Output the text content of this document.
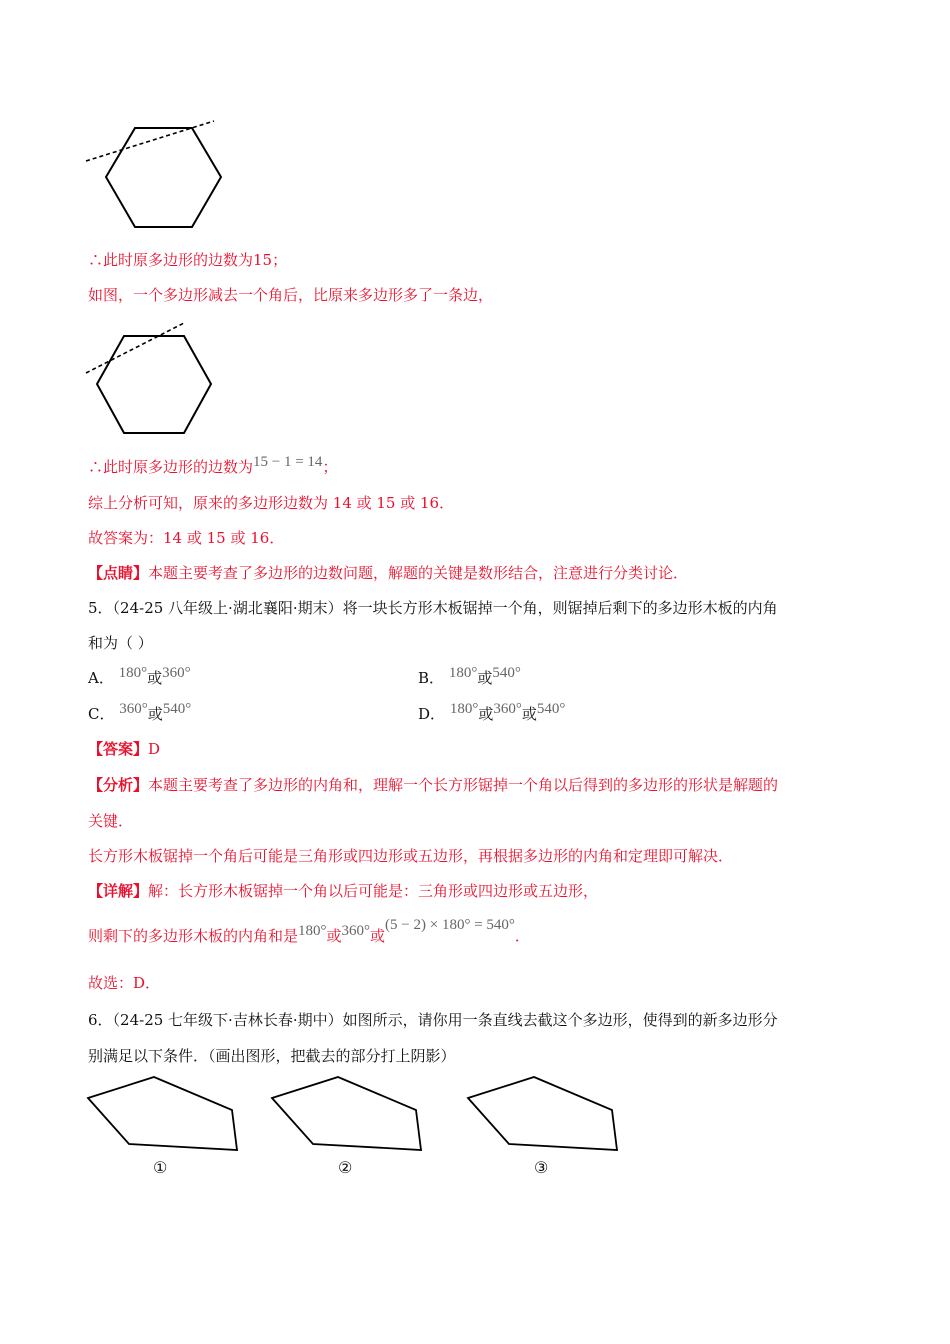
∴此时原多边形的边数为15；
如图，一个多边形减去一个角后，比原来多边形多了一条边，
∴此时原多边形的边数为15 − 1 = 14；
综上分析可知，原来的多边形边数为 14 或 15 或 16．
故答案为：14 或 15 或 16．
【点睛】本题主要考查了多边形的边数问题，解题的关键是数形结合，注意进行分类讨论．
5．（24-25 八年级上·湖北襄阳·期末）将一块长方形木板锯掉一个角，则锯掉后剩下的多边形木板的内角
和为（ ）
A． 180°或360°	B． 180°或540°
C． 360°或540°	D． 180°或360°或540°
【答案】D
【分析】本题主要考查了多边形的内角和，理解一个长方形锯掉一个角以后得到的多边形的形状是解题的
关键．
长方形木板锯掉一个角后可能是三角形或四边形或五边形，再根据多边形的内角和定理即可解决．
【详解】解：长方形木板锯掉一个角以后可能是：三角形或四边形或五边形，
则剩下的多边形木板的内角和是180°或360°或(5 − 2) × 180° = 540°．
故选：D．
6．（24-25 七年级下·吉林长春·期中）如图所示，请你用一条直线去截这个多边形，使得到的新多边形分
别满足以下条件．（画出图形，把截去的部分打上阴影）
①	②	③
